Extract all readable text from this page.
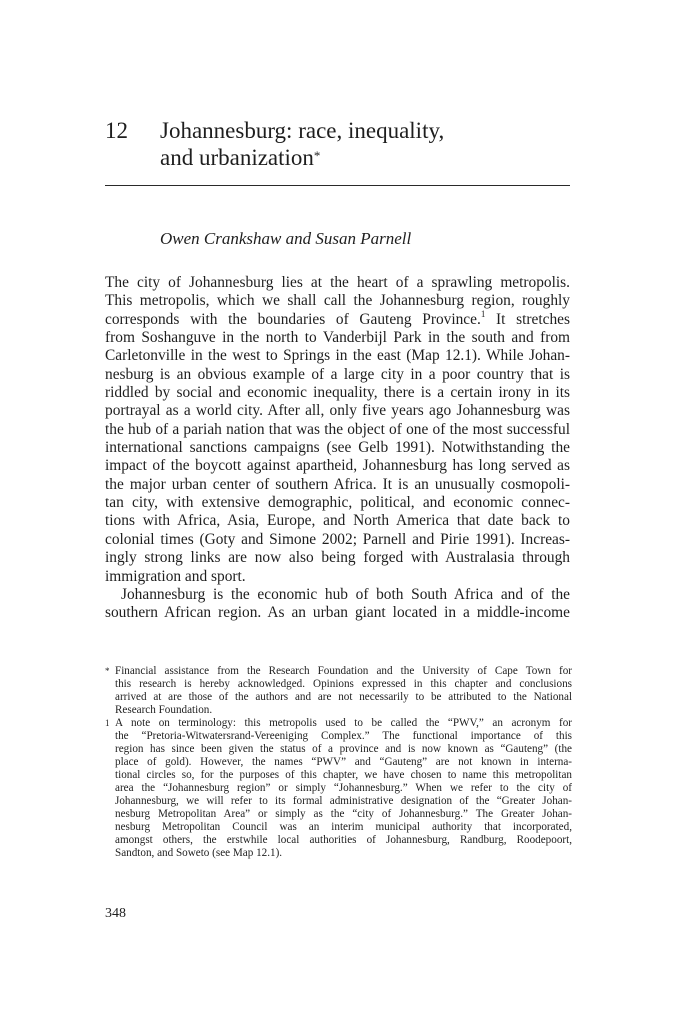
12 Johannesburg: race, inequality,
and urbanization*
Owen Crankshaw and Susan Parnell
The city of Johannesburg lies at the heart of a sprawling metropolis.
This metropolis, which we shall call the Johannesburg region, roughly
corresponds with the boundaries of Gauteng Province.$^1$ It stretches
from Soshanguve in the north to Vanderbijl Park in the south and from
Carletonville in the west to Springs in the east (Map 12.1). While Johan-
nesburg is an obvious example of a large city in a poor country that is
riddled by social and economic inequality, there is a certain irony in its
portrayal as a world city. After all, only five years ago Johannesburg was
the hub of a pariah nation that was the object of one of the most successful
international sanctions campaigns (see Gelb 1991). Notwithstanding the
impact of the boycott against apartheid, Johannesburg has long served as
the major urban center of southern Africa. It is an unusually cosmopoli-
tan city, with extensive demographic, political, and economic connec-
tions with Africa, Asia, Europe, and North America that date back to
colonial times (Goty and Simone 2002; Parnell and Pirie 1991). Increas-
ingly strong links are now also being forged with Australasia through
immigration and sport.
Johannesburg is the economic hub of both South Africa and of the
southern African region. As an urban giant located in a middle-income
* Financial assistance from the Research Foundation and the University of Cape Town for
this research is hereby acknowledged. Opinions expressed in this chapter and conclusions
arrived at are those of the authors and are not necessarily to be attributed to the National
Research Foundation.
1 A note on terminology: this metropolis used to be called the “PWV,” an acronym for
the “Pretoria-Witwatersrand-Vereeniging Complex.” The functional importance of this
region has since been given the status of a province and is now known as “Gauteng” (the
place of gold). However, the names “PWV” and “Gauteng” are not known in interna-
tional circles so, for the purposes of this chapter, we have chosen to name this metropolitan
area the “Johannesburg region” or simply “Johannesburg.” When we refer to the city of
Johannesburg, we will refer to its formal administrative designation of the “Greater Johan-
nesburg Metropolitan Area” or simply as the “city of Johannesburg.” The Greater Johan-
nesburg Metropolitan Council was an interim municipal authority that incorporated,
amongst others, the erstwhile local authorities of Johannesburg, Randburg, Roodepoort,
Sandton, and Soweto (see Map 12.1).
348
